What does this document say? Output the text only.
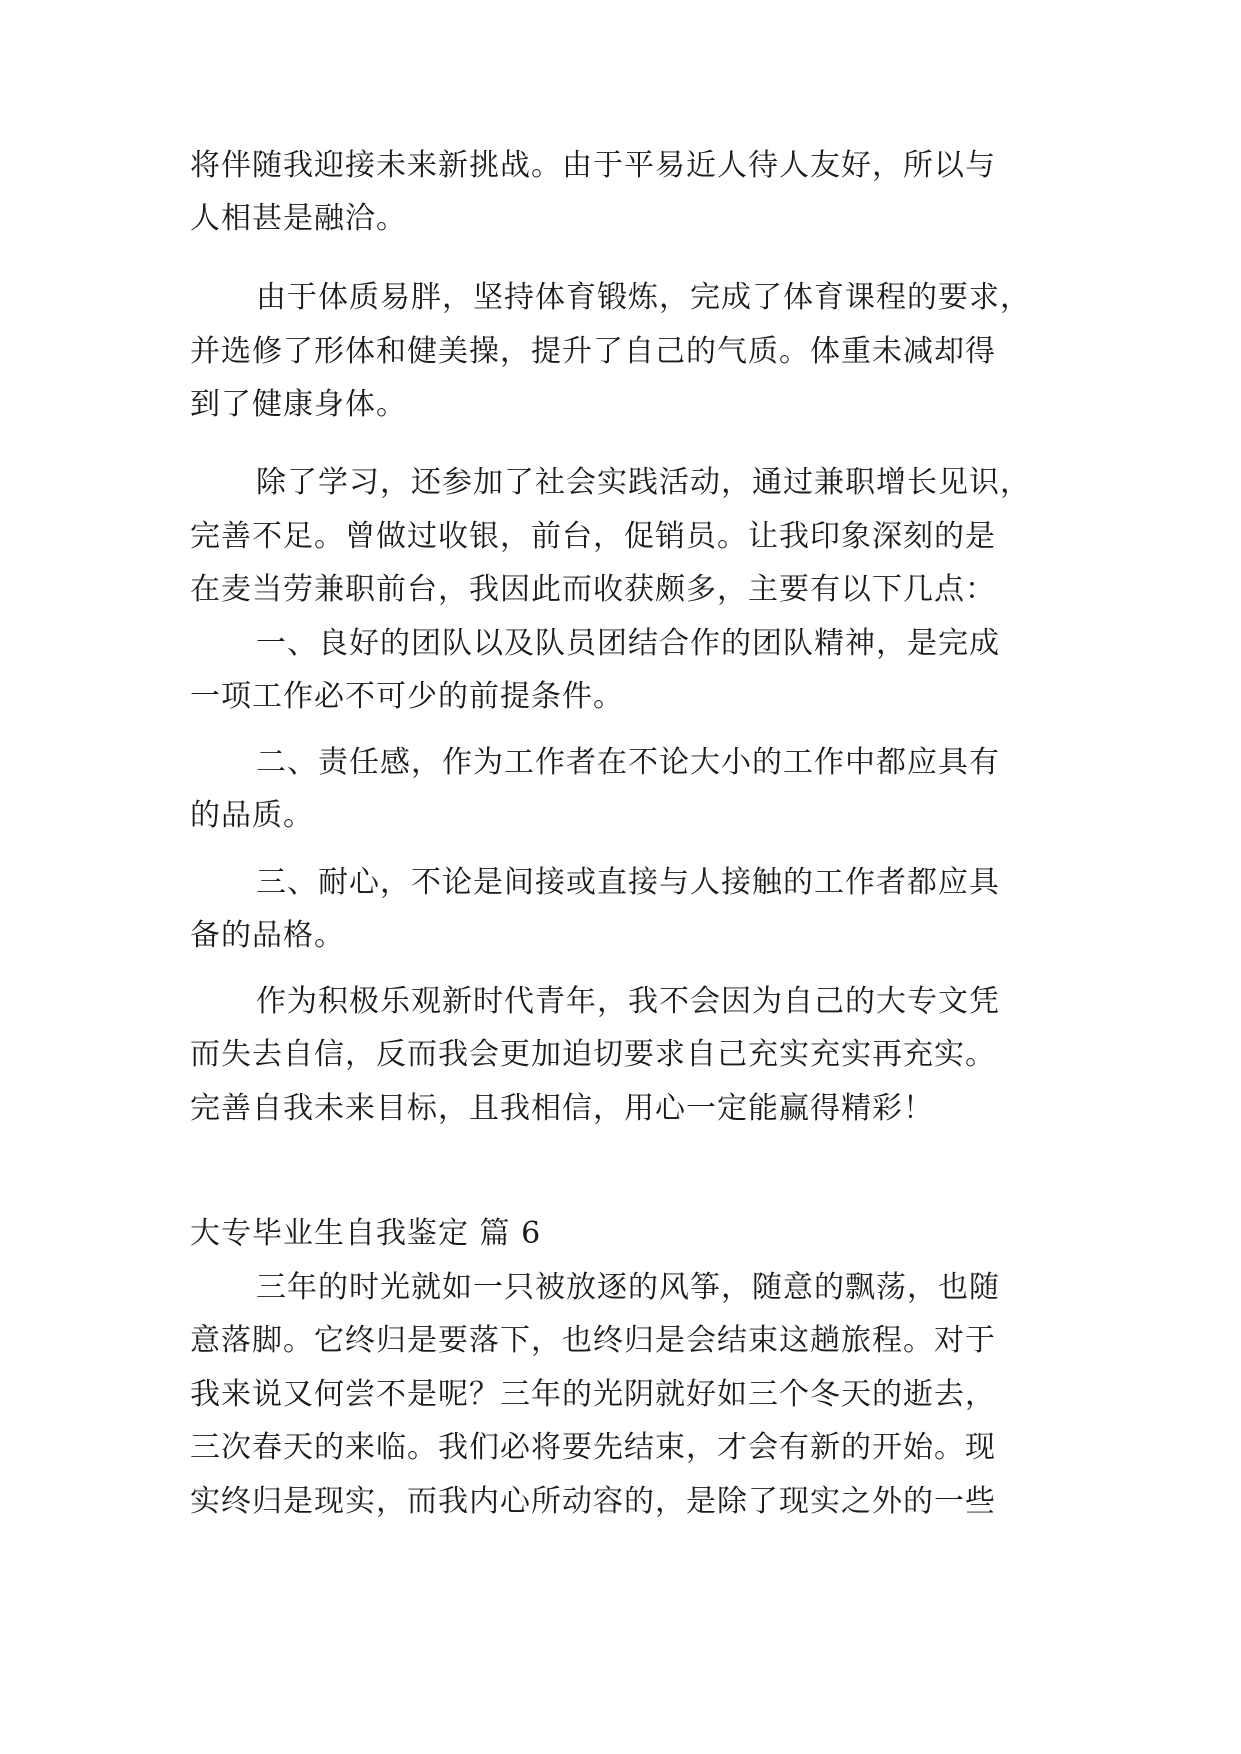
将伴随我迎接未来新挑战。由于平易近人待人友好，所以与
人相甚是融洽。
由于体质易胖，坚持体育锻炼，完成了体育课程的要求，
并选修了形体和健美操，提升了自己的气质。体重未减却得
到了健康身体。
除了学习，还参加了社会实践活动，通过兼职增长见识，
完善不足。曾做过收银，前台，促销员。让我印象深刻的是
在麦当劳兼职前台，我因此而收获颇多，主要有以下几点：
一、良好的团队以及队员团结合作的团队精神，是完成
一项工作必不可少的前提条件。
二、责任感，作为工作者在不论大小的工作中都应具有
的品质。
三、耐心，不论是间接或直接与人接触的工作者都应具
备的品格。
作为积极乐观新时代青年，我不会因为自己的大专文凭
而失去自信，反而我会更加迫切要求自己充实充实再充实。
完善自我未来目标，且我相信，用心一定能赢得精彩！
大专毕业生自我鉴定 篇 6
三年的时光就如一只被放逐的风筝，随意的飘荡，也随
意落脚。它终归是要落下，也终归是会结束这趟旅程。对于
我来说又何尝不是呢？三年的光阴就好如三个冬天的逝去，
三次春天的来临。我们必将要先结束，才会有新的开始。现
实终归是现实，而我内心所动容的，是除了现实之外的一些
